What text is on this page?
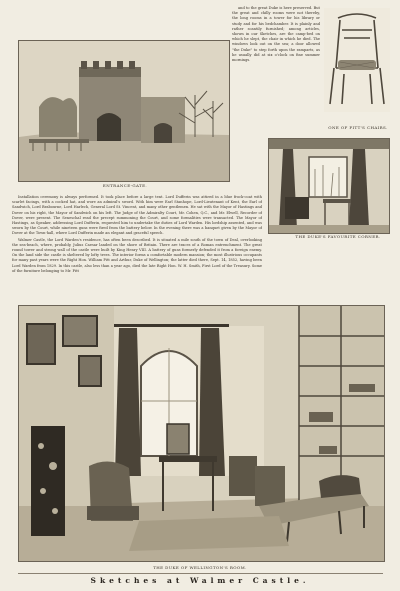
ENTRANCE-GATE.

and to the great Duke is here preserved. But the great and chilly rooms were not thereby, the long rooms in a tower for his library or study and for his bedchamber. It is plainly and rather scantily furnished; among articles, shown in our Sketches, are the camp-bed on which he slept, the chair in which he died. The windows look out on the sea; a door allowed "the Duke" to step forth upon the ramparts, as he usually did at six o'clock on fine summer mornings.

ONE OF PITT'S CHAIRS.
THE DUKE'S FAVOURITE CORNER.

Installation ceremony is always performed. It took place before a large tent. Lord Dufferin was attired in a blue frock-coat with scarlet facings, with a cocked hat, and wore an admiral's sword. With him were Earl Stanhope, Lord-Lieutenant of Kent, the Earl of Sandwich, Lord Brabourne, Lord Harlech, General Lord St. Vincent, and many other gentlemen. He sat with the Mayor of Hastings and Dover on his right, the Mayor of Sandwich on his left. The Judge of the Admiralty Court, Mr. Cohen, Q.C., and Mr. Elwell, Recorder of Dover, were present. The Seneschal read the precept summoning the Court, and some formalities were transacted. The Mayor of Hastings, as Speaker, addressing Lord Dufferin, requested him to undertake the duties of Lord Warden. His lordship assented, and was sworn by the Court, while nineteen guns were fired from the battery below. In the evening there was a banquet given by the Mayor of Dover at the Town-hall, where Lord Dufferin made an elegant and graceful speech.

Walmer Castle, the Lord Warden's residence, has often been described. It is situated a mile south of the town of Deal, overlooking the sea-beach, where, probably, Julius Caesar landed on the shore of Britain. There are traces of a Roman entrenchment. The great round tower and strong wall of the castle were built by King Henry VIII. A battery of guns formerly defended it from a foreign enemy. On the land side the castle is sheltered by lofty trees. The interior forms a comfortable modern mansion; the most illustrious occupants for many past years were the Right Hon. William Pitt and Arthur, Duke of Wellington; the latter died there, Sept. 14, 1852, having been Lord Warden from 1829. In this castle, also less than a year ago, died the late Right Hon. W. H. Smith, First Lord of the Treasury. Some of the furniture belonging to Mr. Pitt

THE DUKE OF WELLINGTON'S ROOM.
Sketches at Walmer Castle.
